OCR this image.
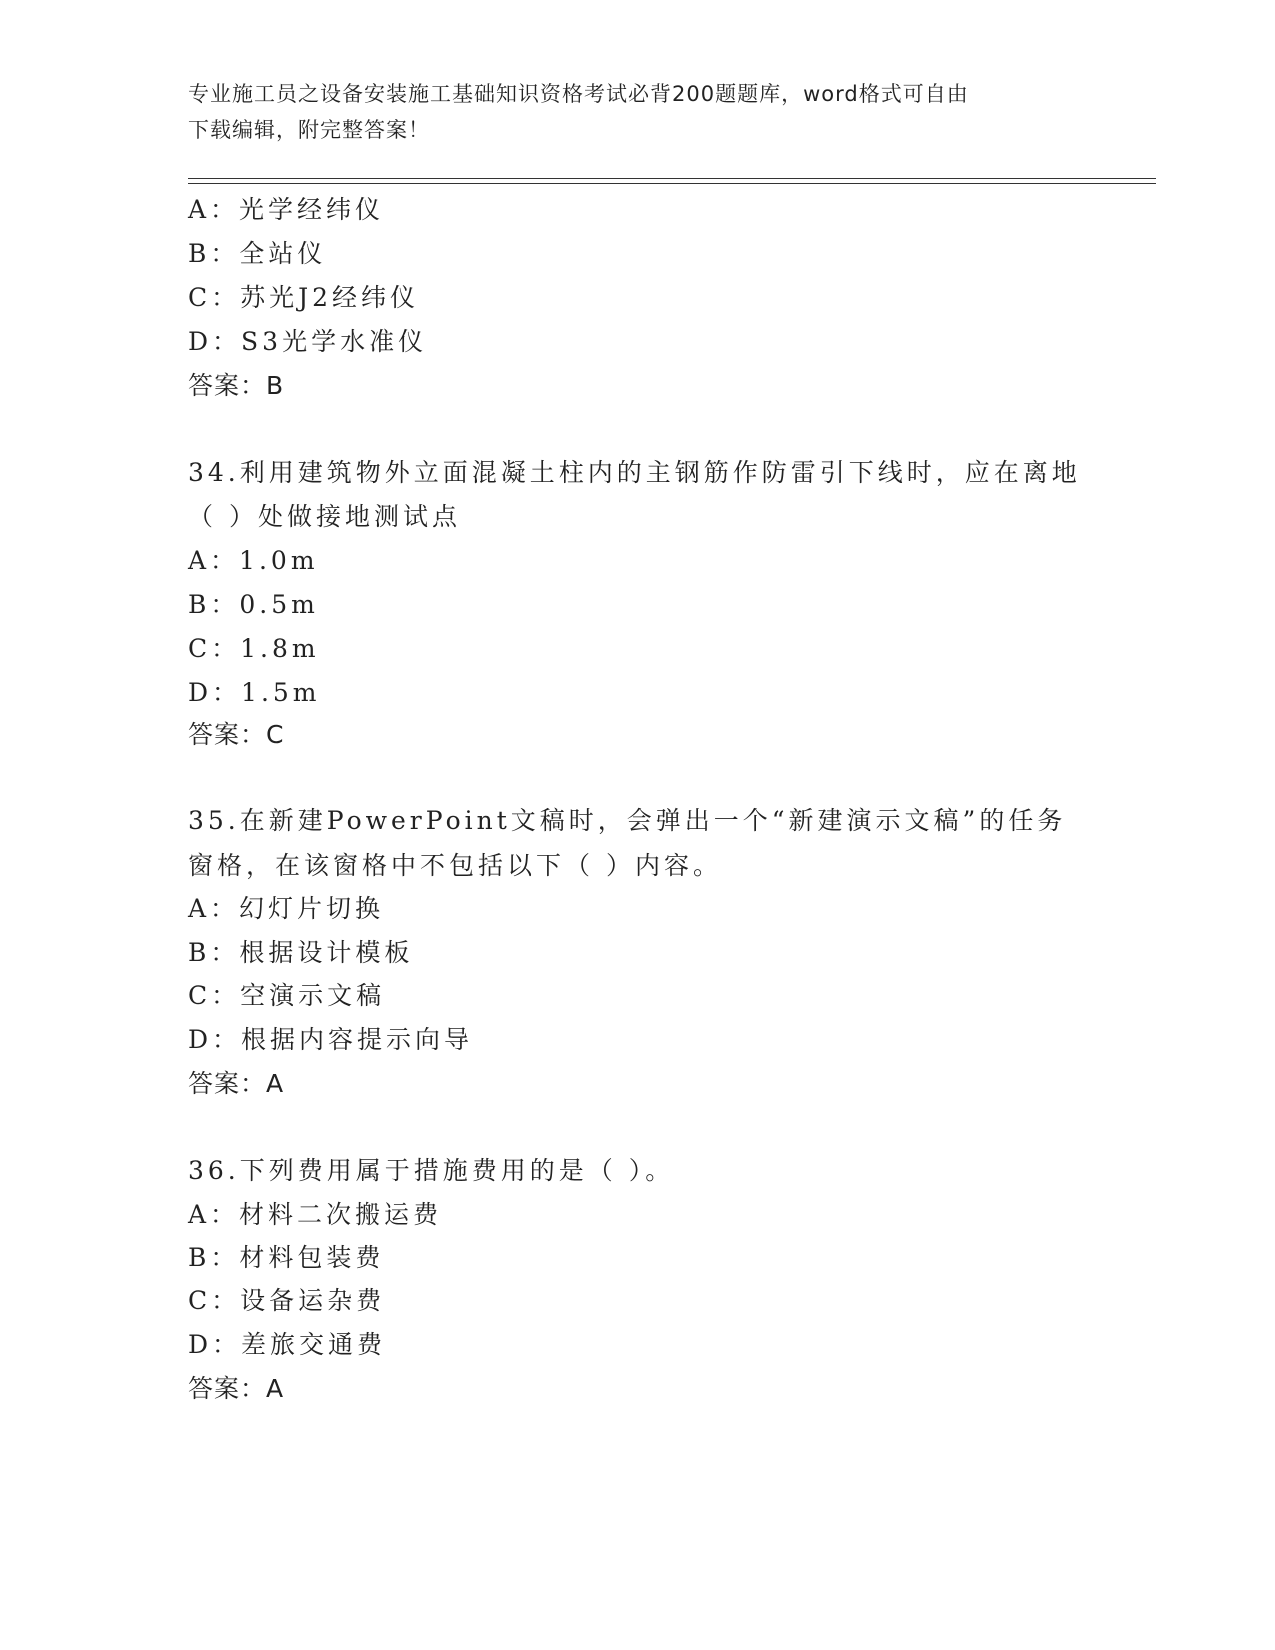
专业施工员之设备安装施工基础知识资格考试必背200题题库，word格式可自由
下载编辑，附完整答案！
A：光学经纬仪
B：全站仪
C：苏光J2经纬仪
D：S3光学水准仪
答案：B
34.利用建筑物外立面混凝土柱内的主钢筋作防雷引下线时，应在离地
（ ）处做接地测试点
A：1.0m
B：0.5m
C：1.8m
D：1.5m
答案：C
35.在新建PowerPoint文稿时，会弹出一个“新建演示文稿”的任务
窗格，在该窗格中不包括以下（ ）内容。
A：幻灯片切换
B：根据设计模板
C：空演示文稿
D：根据内容提示向导
答案：A
36.下列费用属于措施费用的是（ ）。
A：材料二次搬运费
B：材料包装费
C：设备运杂费
D：差旅交通费
答案：A
